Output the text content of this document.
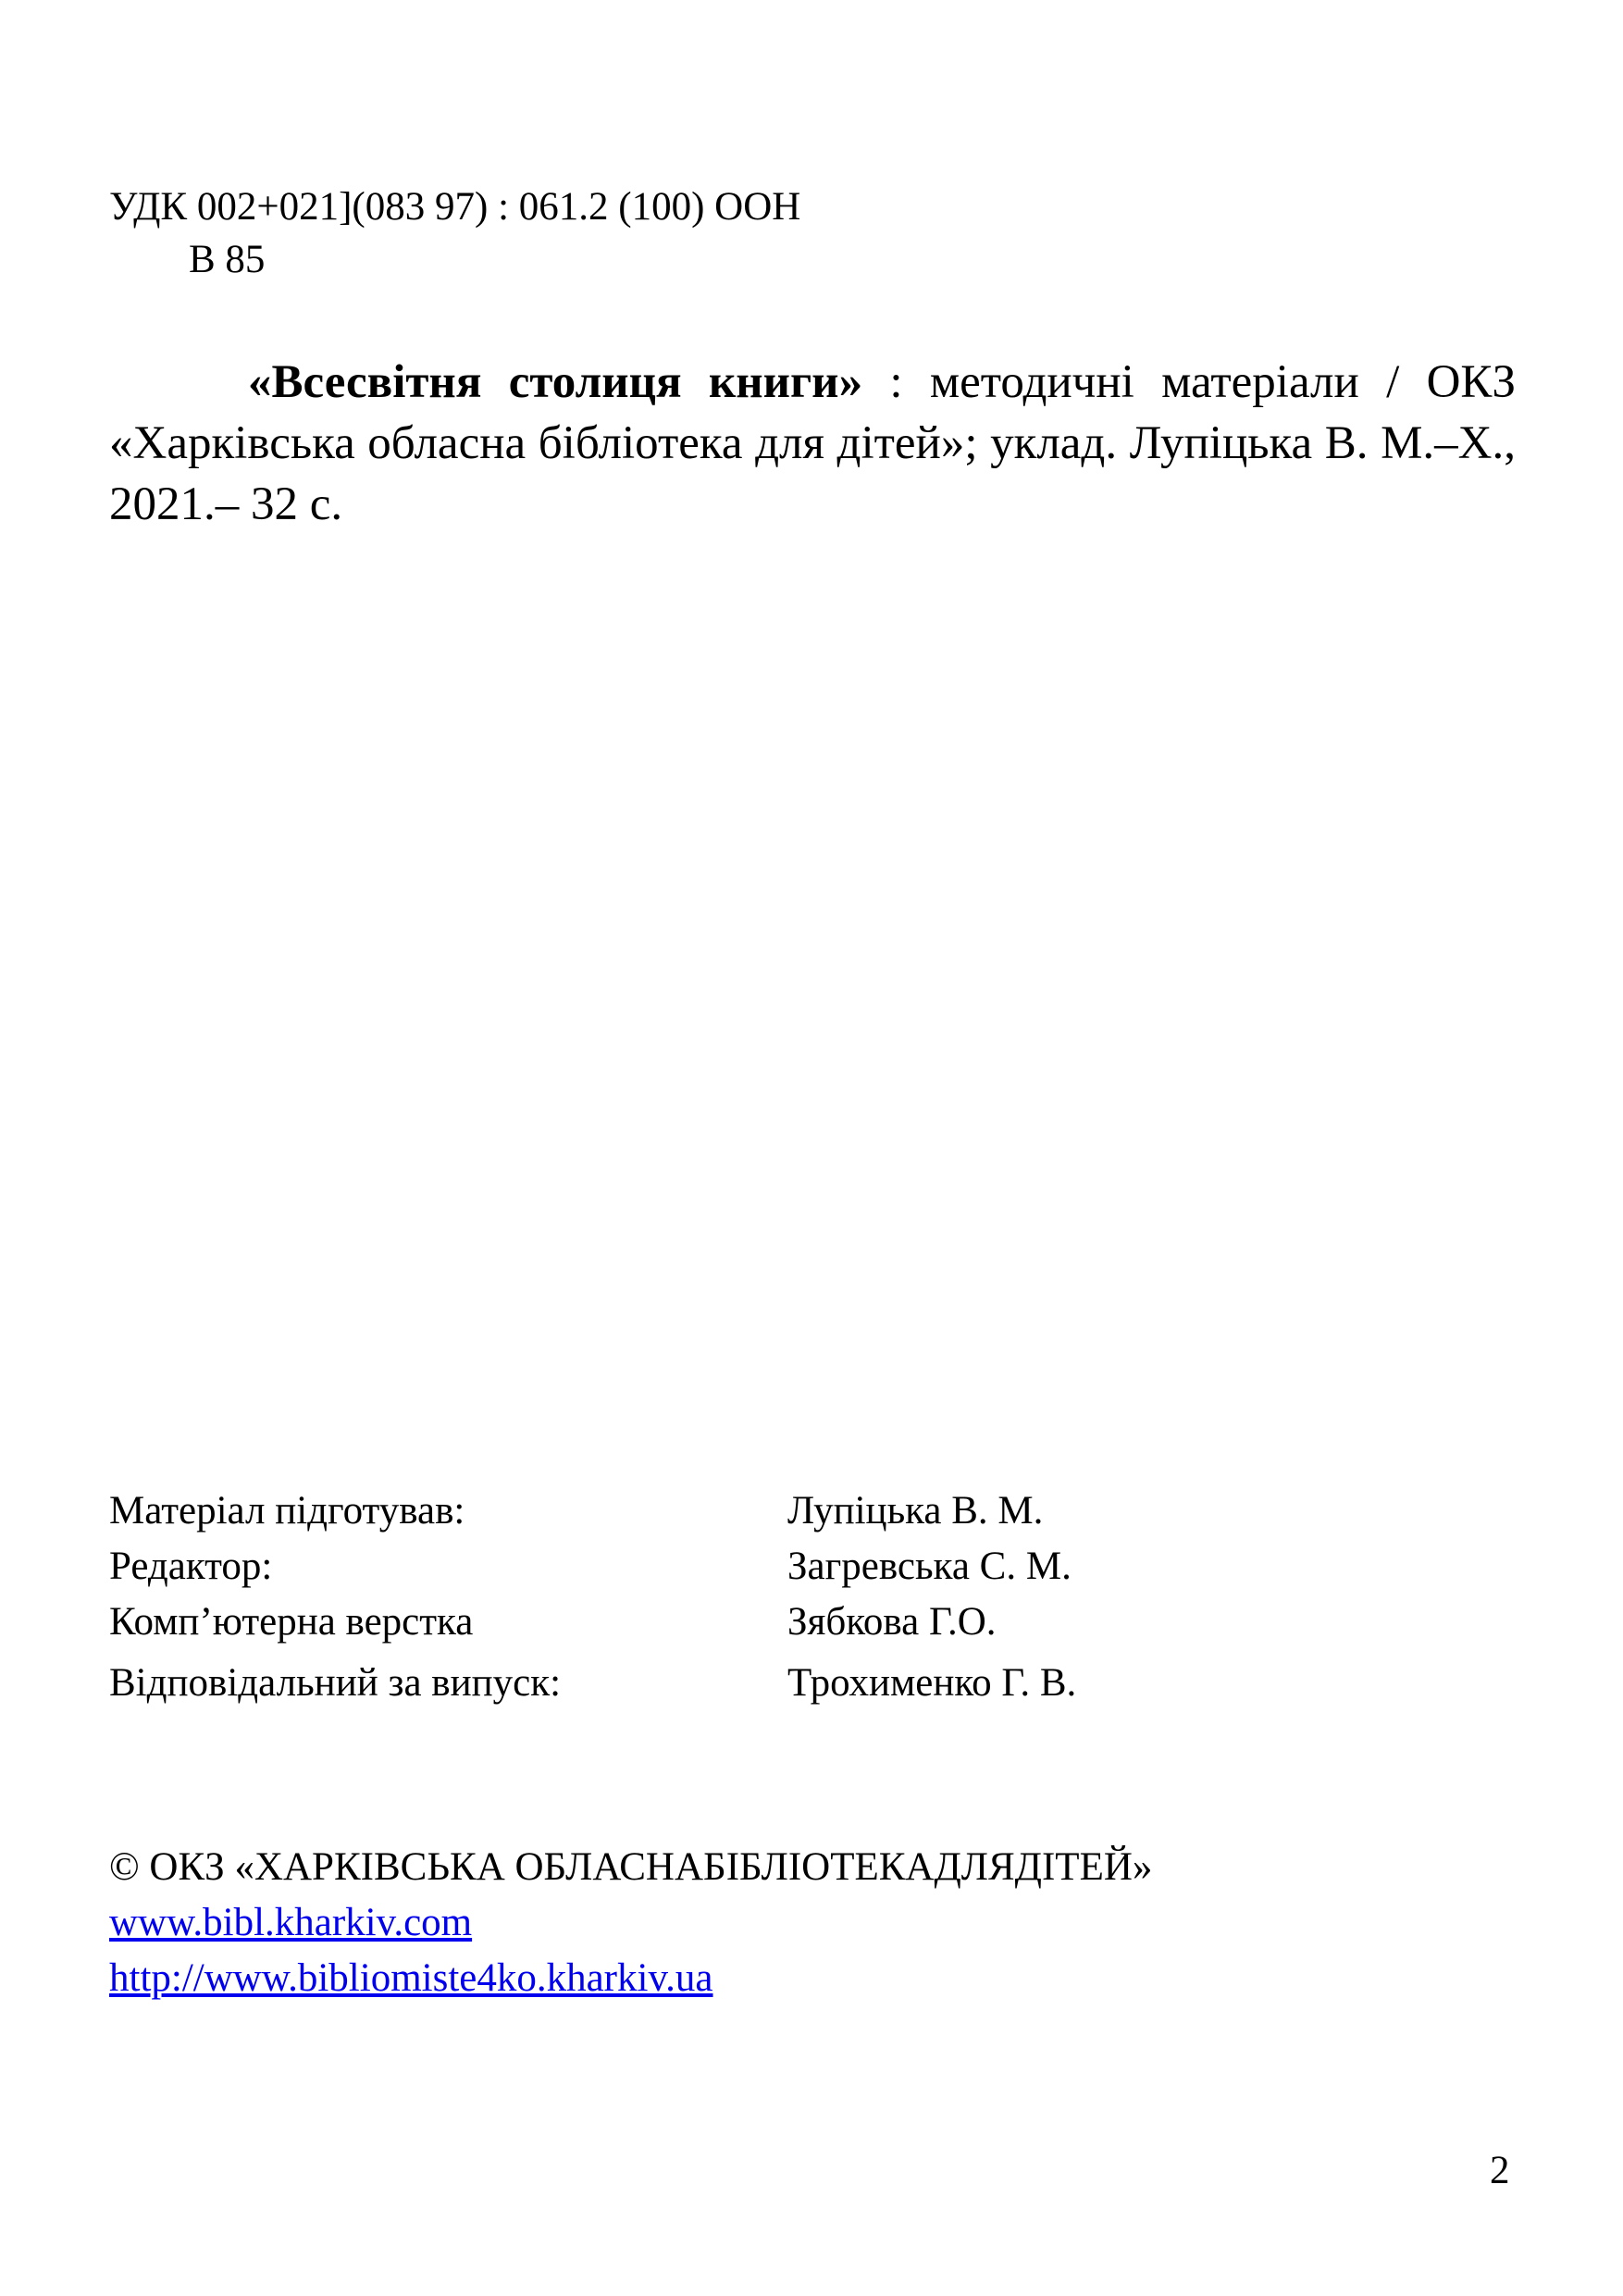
УДК 002+021](083 97) : 061.2 (100) ООН
В 85
«Всесвітня столиця книги» : методичні матеріали / ОКЗ «Харківська обласна бібліотека для дітей»; уклад. Лупіцька В. М.–Х., 2021.– 32 с.
Матеріал підготував:	Лупіцька В. М.
Редактор:	Загревська С. М.
Комп’ютерна верстка	Зябкова Г.О.
Відповідальний за випуск:	Трохименко Г. В.
© ОКЗ «ХАРКІВСЬКА ОБЛАСНАБІБЛІОТЕКАДЛЯДІТЕЙ»
www.bibl.kharkiv.com
http://www.bibliomiste4ko.kharkiv.ua
2
